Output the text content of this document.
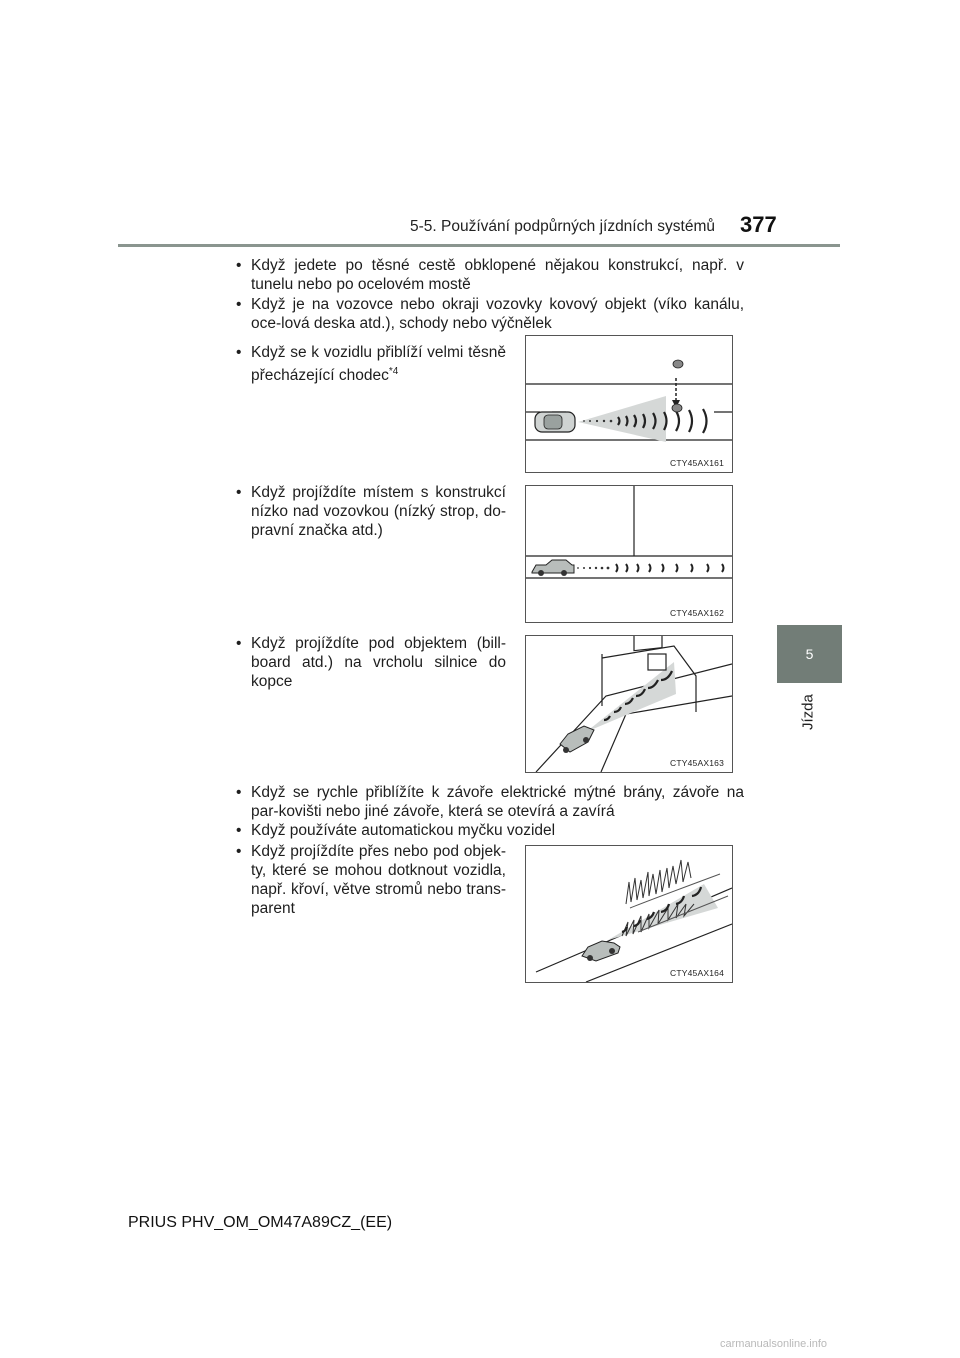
5-5. Používání podpůrných jízdních systémů 377
5
Jízda
• Když jedete po těsné cestě obklopené nějakou konstrukcí, např. v tunelu nebo po ocelovém mostě
• Když je na vozovce nebo okraji vozovky kovový objekt (víko kanálu, oce-lová deska atd.), schody nebo výčnělek
• Když se k vozidlu přiblíží velmi těsně přecházející chodec$^{*4}$
CTY45AX161
• Když projíždíte místem s konstrukcí nízko nad vozovkou (nízký strop, do-pravní značka atd.)
CTY45AX162
• Když projíždíte pod objektem (bill-board atd.) na vrcholu silnice do kopce
CTY45AX163
• Když se rychle přiblížíte k závoře elektrické mýtné brány, závoře na par-kovišti nebo jiné závoře, která se otevírá a zavírá
• Když používáte automatickou myčku vozidel
• Když projíždíte přes nebo pod objek-ty, které se mohou dotknout vozidla, např. křoví, větve stromů nebo trans-parent
CTY45AX164
PRIUS PHV_OM_OM47A89CZ_(EE)
carmanualsonline.info
